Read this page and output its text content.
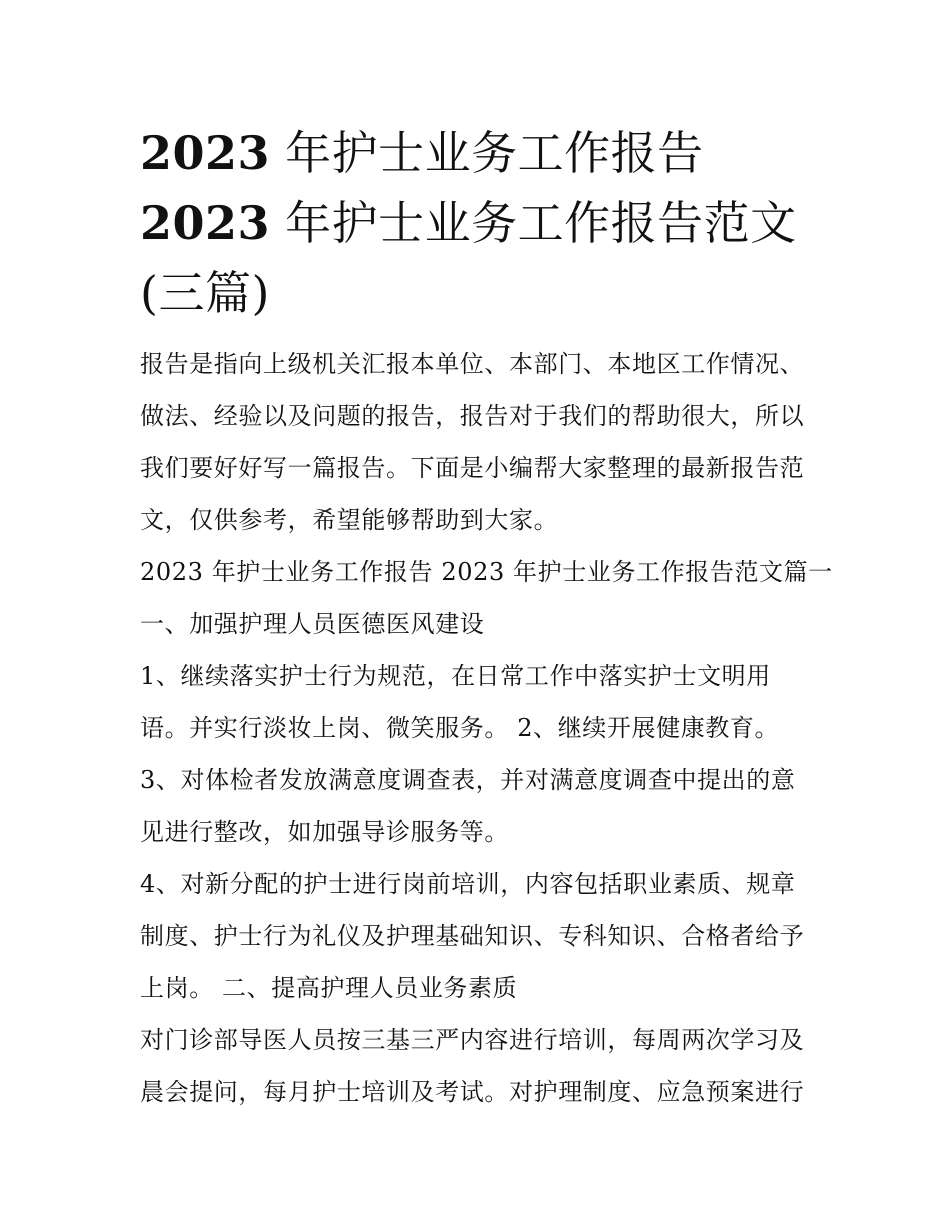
2023 年护士业务工作报告
2023 年护士业务工作报告范文
(三篇)

报告是指向上级机关汇报本单位、本部门、本地区工作情况、做法、经验以及问题的报告，报告对于我们的帮助很大，所以我们要好好写一篇报告。下面是小编帮大家整理的最新报告范文，仅供参考，希望能够帮助到大家。

2023 年护士业务工作报告 2023 年护士业务工作报告范文篇一

一、加强护理人员医德医风建设

1、继续落实护士行为规范，在日常工作中落实护士文明用

语。并实行淡妆上岗、微笑服务。 2、继续开展健康教育。

3、对体检者发放满意度调查表，并对满意度调查中提出的意见进行整改，如加强导诊服务等。

4、对新分配的护士进行岗前培训，内容包括职业素质、规章制度、护士行为礼仪及护理基础知识、专科知识、合格者给予上岗。 二、提高护理人员业务素质

对门诊部导医人员按三基三严内容进行培训，每周两次学习及晨会提问，每月护士培训及考试。对护理制度、应急预案进行
